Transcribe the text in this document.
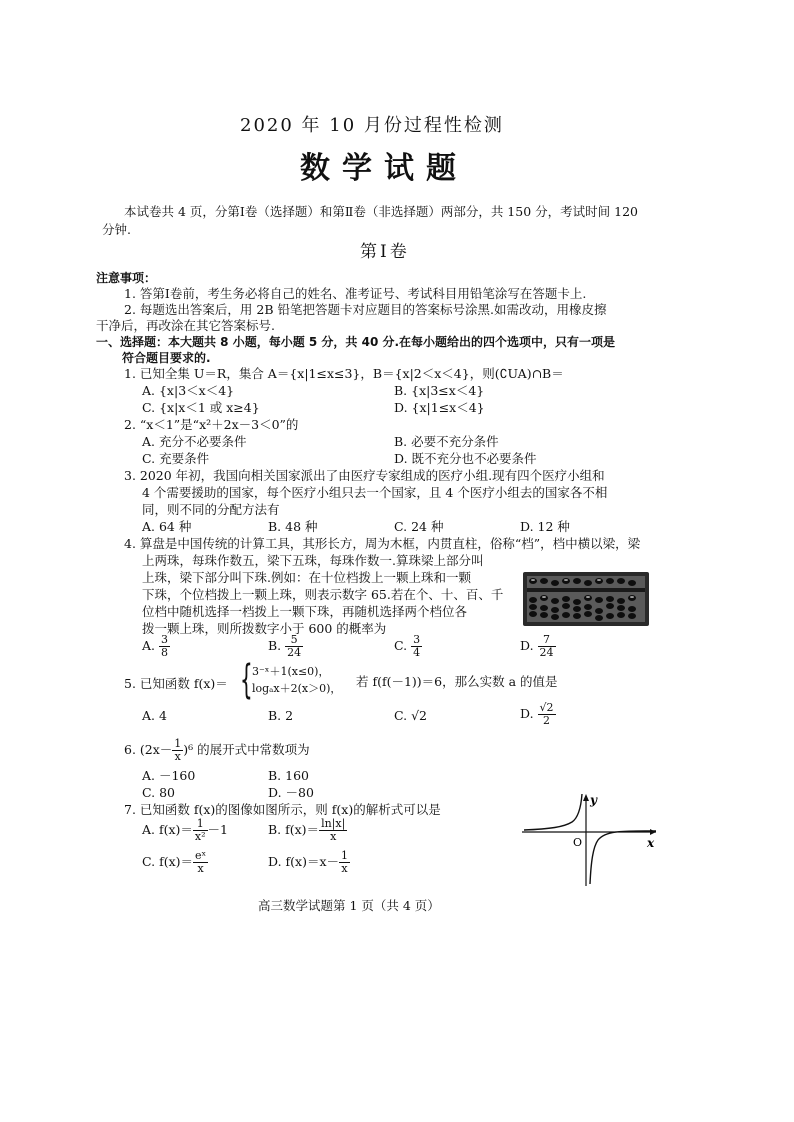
2020 年 10 月份过程性检测
数学试题
本试卷共 4 页，分第Ⅰ卷（选择题）和第Ⅱ卷（非选择题）两部分，共 150 分，考试时间 120
分钟.
第Ⅰ卷
注意事项：
1. 答第Ⅰ卷前，考生务必将自己的姓名、准考证号、考试科目用铅笔涂写在答题卡上.
2. 每题选出答案后，用 2B 铅笔把答题卡对应题目的答案标号涂黑.如需改动，用橡皮擦
干净后，再改涂在其它答案标号.
一、选择题：本大题共 8 小题，每小题 5 分，共 40 分.在每小题给出的四个选项中，只有一项是
符合题目要求的.
1. 已知全集 U＝R，集合 A＝{x|1≤x≤3}，B＝{x|2＜x＜4}，则(∁UA)∩B＝
A. {x|3＜x＜4}	B. {x|3≤x＜4}
C. {x|x＜1 或 x≥4}	D. {x|1≤x＜4}
2. “x＜1”是“x²＋2x－3＜0”的
A. 充分不必要条件	B. 必要不充分条件
C. 充要条件	D. 既不充分也不必要条件
3. 2020 年初，我国向相关国家派出了由医疗专家组成的医疗小组.现有四个医疗小组和
4 个需要援助的国家，每个医疗小组只去一个国家，且 4 个医疗小组去的国家各不相
同，则不同的分配方法有
A. 64 种	B. 48 种	C. 24 种	D. 12 种
4. 算盘是中国传统的计算工具，其形长方，周为木框，内贯直柱，俗称“档”，档中横以梁，梁
上两珠，每珠作数五，梁下五珠，每珠作数一.算珠梁上部分叫
上珠，梁下部分叫下珠.例如：在十位档拨上一颗上珠和一颗
下珠，个位档拨上一颗上珠，则表示数字 65.若在个、十、百、千
位档中随机选择一档拨上一颗下珠，再随机选择两个档位各
拨一颗上珠，则所拨数字小于 600 的概率为
A. $\frac{3}{8}$	B. $\frac{5}{24}$	C. $\frac{3}{4}$	D. $\frac{7}{24}$
5. 已知函数 f(x)＝ { 3⁻ˣ＋1(x≤0)，
logₐx＋2(x＞0)， 若 f(f(－1))＝6，那么实数 a 的值是
A. 4	B. 2	C. √2	D. $\frac{√2}{2}$
6. $(2x- \frac{1}{x} )^6$ 的展开式中常数项为
A. －160	B. 160
C. 80	D. －80
7. 已知函数 f(x)的图像如图所示，则 f(x)的解析式可以是
A. $f(x)= \frac{1}{\text{x²}} -1$	B. $f(x)= \frac{\ln|x|}{x}$
C. $f(x)= \frac{\text{eˣ}}{x}$	D. $f(x)=x- \frac{1}{x}$
y
x
O
高三数学试题第 1 页（共 4 页）
